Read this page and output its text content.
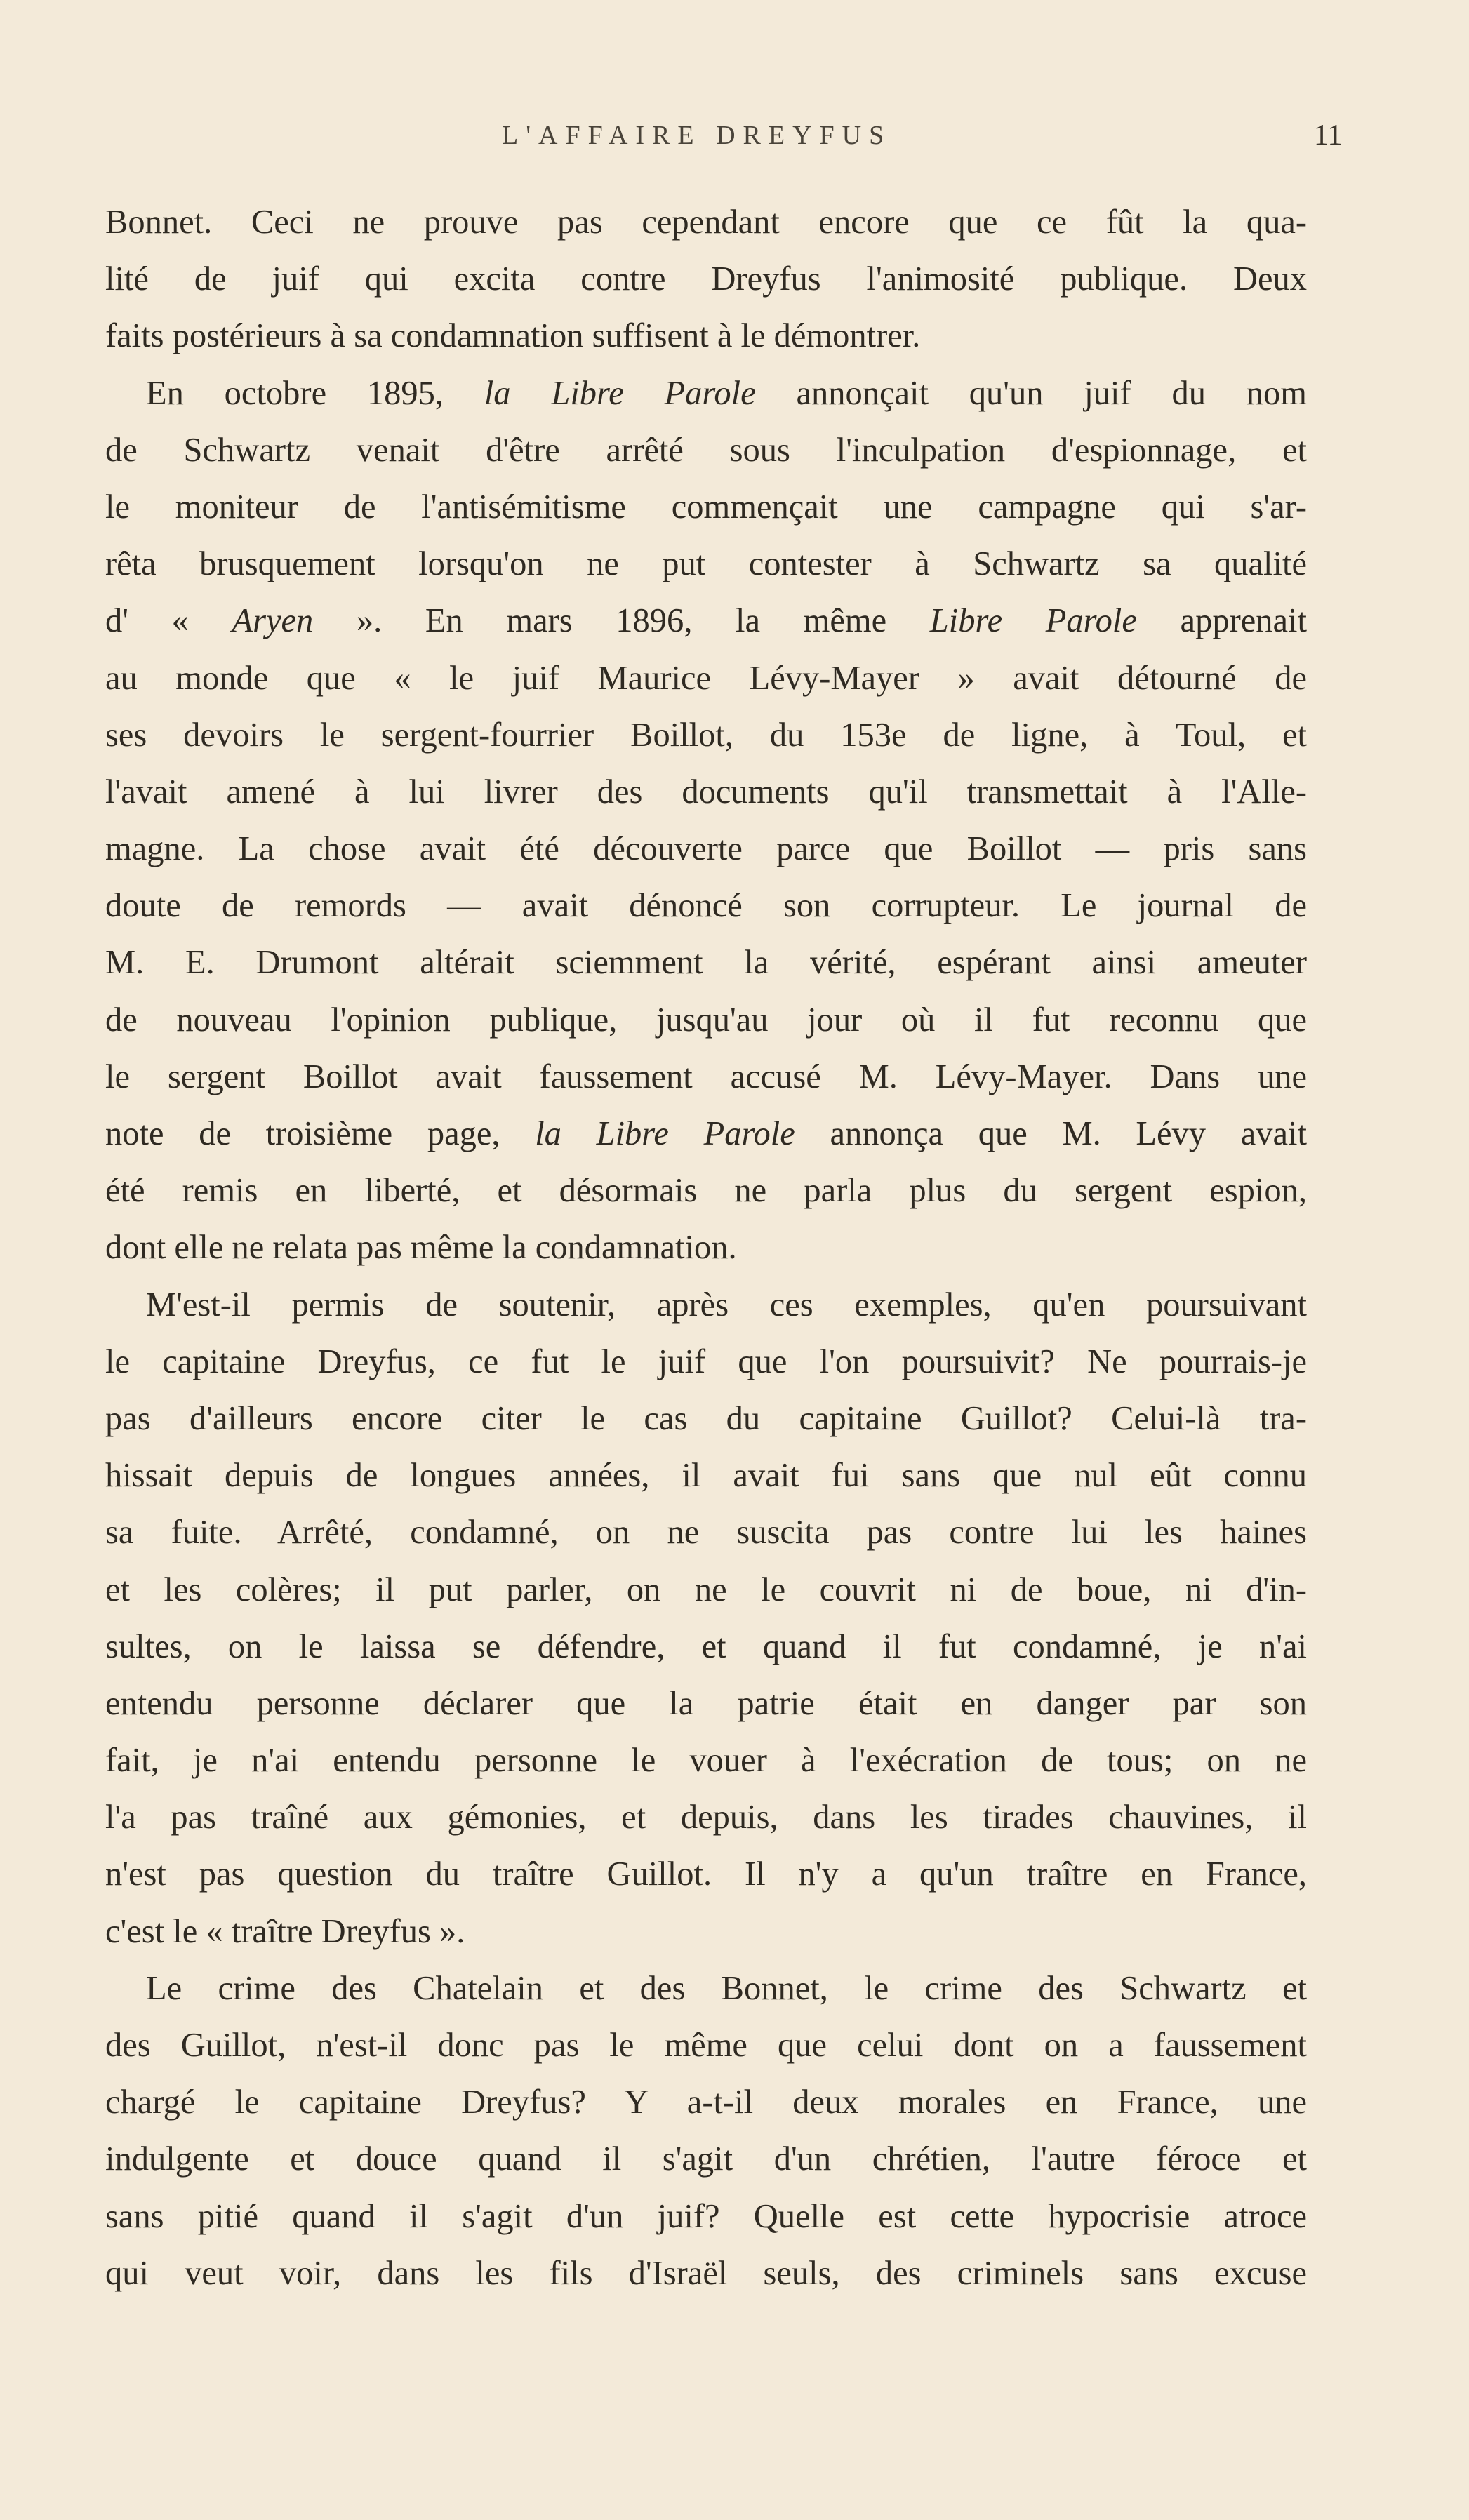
L'AFFAIRE DREYFUS	11
Bonnet. Ceci ne prouve pas cependant encore que ce fût la qua-
lité de juif qui excita contre Dreyfus l'animosité publique. Deux
faits postérieurs à sa condamnation suffisent à le démontrer.
En octobre 1895, la Libre Parole annonçait qu'un juif du nom
de Schwartz venait d'être arrêté sous l'inculpation d'espionnage, et
le moniteur de l'antisémitisme commençait une campagne qui s'ar-
rêta brusquement lorsqu'on ne put contester à Schwartz sa qualité
d' « Aryen ». En mars 1896, la même Libre Parole apprenait
au monde que « le juif Maurice Lévy-Mayer » avait détourné de
ses devoirs le sergent-fourrier Boillot, du 153e de ligne, à Toul, et
l'avait amené à lui livrer des documents qu'il transmettait à l'Alle-
magne. La chose avait été découverte parce que Boillot — pris sans
doute de remords — avait dénoncé son corrupteur. Le journal de
M. E. Drumont altérait sciemment la vérité, espérant ainsi ameuter
de nouveau l'opinion publique, jusqu'au jour où il fut reconnu que
le sergent Boillot avait faussement accusé M. Lévy-Mayer. Dans une
note de troisième page, la Libre Parole annonça que M. Lévy avait
été remis en liberté, et désormais ne parla plus du sergent espion,
dont elle ne relata pas même la condamnation.
M'est-il permis de soutenir, après ces exemples, qu'en poursuivant
le capitaine Dreyfus, ce fut le juif que l'on poursuivit? Ne pourrais-je
pas d'ailleurs encore citer le cas du capitaine Guillot? Celui-là tra-
hissait depuis de longues années, il avait fui sans que nul eût connu
sa fuite. Arrêté, condamné, on ne suscita pas contre lui les haines
et les colères; il put parler, on ne le couvrit ni de boue, ni d'in-
sultes, on le laissa se défendre, et quand il fut condamné, je n'ai
entendu personne déclarer que la patrie était en danger par son
fait, je n'ai entendu personne le vouer à l'exécration de tous; on ne
l'a pas traîné aux gémonies, et depuis, dans les tirades chauvines, il
n'est pas question du traître Guillot. Il n'y a qu'un traître en France,
c'est le « traître Dreyfus ».
Le crime des Chatelain et des Bonnet, le crime des Schwartz et
des Guillot, n'est-il donc pas le même que celui dont on a faussement
chargé le capitaine Dreyfus? Y a-t-il deux morales en France, une
indulgente et douce quand il s'agit d'un chrétien, l'autre féroce et
sans pitié quand il s'agit d'un juif? Quelle est cette hypocrisie atroce
qui veut voir, dans les fils d'Israël seuls, des criminels sans excuse
